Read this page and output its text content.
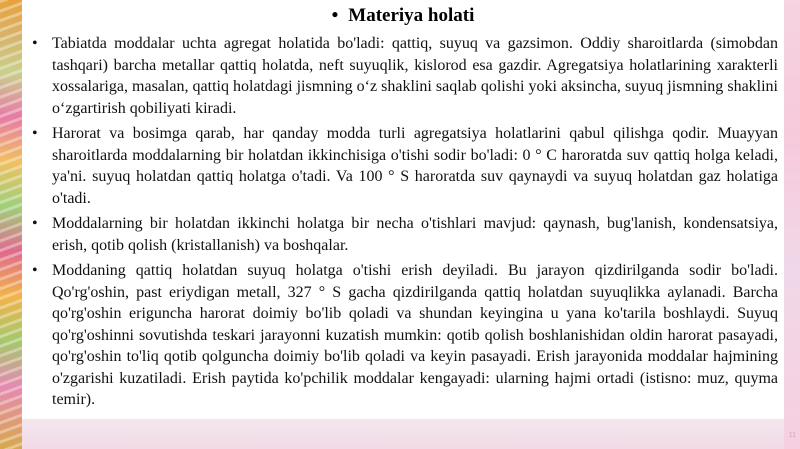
• Materiya holati

• Tabiatda moddalar uchta agregat holatida bo'ladi: qattiq, suyuq va gazsimon. Oddiy sharoitlarda (simobdan tashqari) barcha metallar qattiq holatda, neft suyuqlik, kislorod esa gazdir. Agregatsiya holatlarining xarakterli xossalariga, masalan, qattiq holatdagi jismning o‘z shaklini saqlab qolishi yoki aksincha, suyuq jismning shaklini o‘zgartirish qobiliyati kiradi.

• Harorat va bosimga qarab, har qanday modda turli agregatsiya holatlarini qabul qilishga qodir. Muayyan sharoitlarda moddalarning bir holatdan ikkinchisiga o'tishi sodir bo'ladi: 0 ° C haroratda suv qattiq holga keladi, ya'ni. suyuq holatdan qattiq holatga o'tadi. Va 100 ° S haroratda suv qaynaydi va suyuq holatdan gaz holatiga o'tadi.

• Moddalarning bir holatdan ikkinchi holatga bir necha o'tishlari mavjud: qaynash, bug'lanish, kondensatsiya, erish, qotib qolish (kristallanish) va boshqalar.

• Moddaning qattiq holatdan suyuq holatga o'tishi erish deyiladi. Bu jarayon qizdirilganda sodir bo'ladi. Qo'rg'oshin, past eriydigan metall, 327 ° S gacha qizdirilganda qattiq holatdan suyuqlikka aylanadi. Barcha qo'rg'oshin eriguncha harorat doimiy bo'lib qoladi va shundan keyingina u yana ko'tarila boshlaydi. Suyuq qo'rg'oshinni sovutishda teskari jarayonni kuzatish mumkin: qotib qolish boshlanishidan oldin harorat pasayadi, qo'rg'oshin to'liq qotib qolguncha doimiy bo'lib qoladi va keyin pasayadi. Erish jarayonida moddalar hajmining o'zgarishi kuzatiladi. Erish paytida ko'pchilik moddalar kengayadi: ularning hajmi ortadi (istisno: muz, quyma temir).

11
